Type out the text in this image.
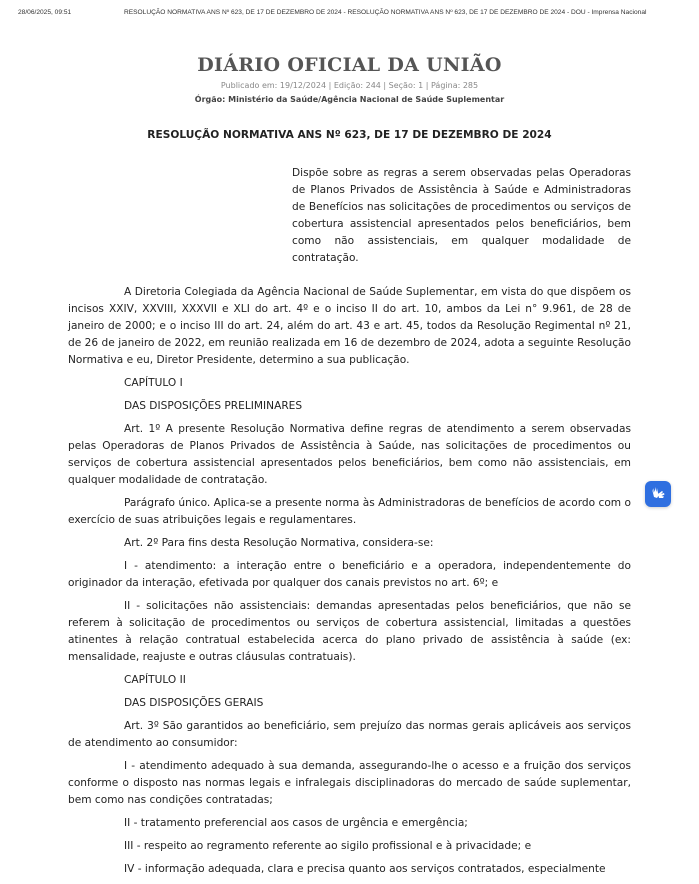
28/06/2025, 09:51	RESOLUÇÃO NORMATIVA ANS Nº 623, DE 17 DE DEZEMBRO DE 2024 - RESOLUÇÃO NORMATIVA ANS Nº 623, DE 17 DE DEZEMBRO DE 2024 - DOU - Imprensa Nacional
DIÁRIO OFICIAL DA UNIÃO
Publicado em: 19/12/2024 | Edição: 244 | Seção: 1 | Página: 285
Órgão: Ministério da Saúde/Agência Nacional de Saúde Suplementar
RESOLUÇÃO NORMATIVA ANS Nº 623, DE 17 DE DEZEMBRO DE 2024
Dispõe sobre as regras a serem observadas pelas Operadoras de Planos Privados de Assistência à Saúde e Administradoras de Benefícios nas solicitações de procedimentos ou serviços de cobertura assistencial apresentados pelos beneficiários, bem como não assistenciais, em qualquer modalidade de contratação.

A Diretoria Colegiada da Agência Nacional de Saúde Suplementar, em vista do que dispõem os incisos XXIV, XXVIII, XXXVII e XLI do art. 4º e o inciso II do art. 10, ambos da Lei n° 9.961, de 28 de janeiro de 2000; e o inciso III do art. 24, além do art. 43 e art. 45, todos da Resolução Regimental nº 21, de 26 de janeiro de 2022, em reunião realizada em 16 de dezembro de 2024, adota a seguinte Resolução Normativa e eu, Diretor Presidente, determino a sua publicação.

CAPÍTULO I

DAS DISPOSIÇÕES PRELIMINARES

Art. 1º A presente Resolução Normativa define regras de atendimento a serem observadas pelas Operadoras de Planos Privados de Assistência à Saúde, nas solicitações de procedimentos ou serviços de cobertura assistencial apresentados pelos beneficiários, bem como não assistenciais, em qualquer modalidade de contratação.

Parágrafo único. Aplica-se a presente norma às Administradoras de benefícios de acordo com o exercício de suas atribuições legais e regulamentares.

Art. 2º Para fins desta Resolução Normativa, considera-se:

I - atendimento: a interação entre o beneficiário e a operadora, independentemente do originador da interação, efetivada por qualquer dos canais previstos no art. 6º; e

II - solicitações não assistenciais: demandas apresentadas pelos beneficiários, que não se referem à solicitação de procedimentos ou serviços de cobertura assistencial, limitadas a questões atinentes à relação contratual estabelecida acerca do plano privado de assistência à saúde (ex: mensalidade, reajuste e outras cláusulas contratuais).

CAPÍTULO II

DAS DISPOSIÇÕES GERAIS

Art. 3º São garantidos ao beneficiário, sem prejuízo das normas gerais aplicáveis aos serviços de atendimento ao consumidor:

I - atendimento adequado à sua demanda, assegurando-lhe o acesso e a fruição dos serviços conforme o disposto nas normas legais e infralegais disciplinadoras do mercado de saúde suplementar, bem como nas condições contratadas;

II - tratamento preferencial aos casos de urgência e emergência;

III - respeito ao regramento referente ao sigilo profissional e à privacidade; e

IV - informação adequada, clara e precisa quanto aos serviços contratados, especialmente
